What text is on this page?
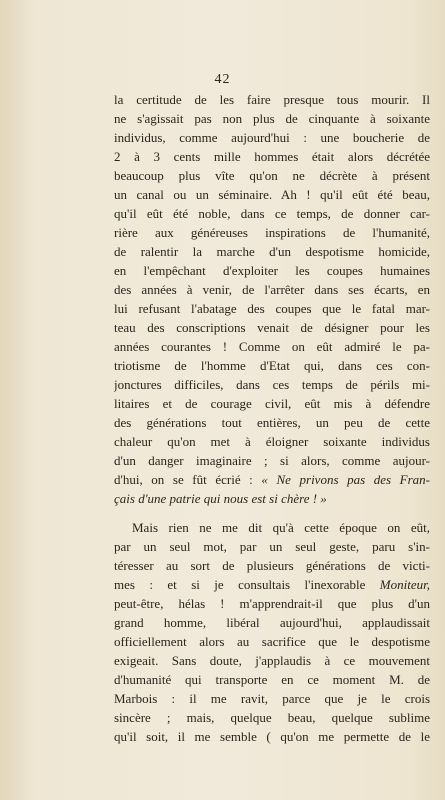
42
la certitude de les faire presque tous mourir. Il
ne s'agissait pas non plus de cinquante à soixante
individus, comme aujourd'hui : une boucherie de
2 à 3 cents mille hommes était alors décrétée
beaucoup plus vîte qu'on ne décrète à présent
un canal ou un séminaire. Ah ! qu'il eût été beau,
qu'il eût été noble, dans ce temps, de donner car-
rière aux généreuses inspirations de l'humanité,
de ralentir la marche d'un despotisme homicide,
en l'empêchant d'exploiter les coupes humaines
des années à venir, de l'arrêter dans ses écarts, en
lui refusant l'abatage des coupes que le fatal mar-
teau des conscriptions venait de désigner pour les
années courantes ! Comme on eût admiré le pa-
triotisme de l'homme d'Etat qui, dans ces con-
jonctures difficiles, dans ces temps de périls mi-
litaires et de courage civil, eût mis à défendre
des générations tout entières, un peu de cette
chaleur qu'on met à éloigner soixante individus
d'un danger imaginaire ; si alors, comme aujour-
d'hui, on se fût écrié : « Ne privons pas des Fran-
çais d'une patrie qui nous est si chère ! »
Mais rien ne me dit qu'à cette époque on eût,
par un seul mot, par un seul geste, paru s'in-
téresser au sort de plusieurs générations de victi-
mes : et si je consultais l'inexorable Moniteur,
peut-être, hélas ! m'apprendrait-il que plus d'un
grand homme, libéral aujourd'hui, applaudissait
officiellement alors au sacrifice que le despotisme
exigeait. Sans doute, j'applaudis à ce mouvement
d'humanité qui transporte en ce moment M. de
Marbois : il me ravit, parce que je le crois
sincère ; mais, quelque beau, quelque sublime
qu'il soit, il me semble ( qu'on me permette de le
